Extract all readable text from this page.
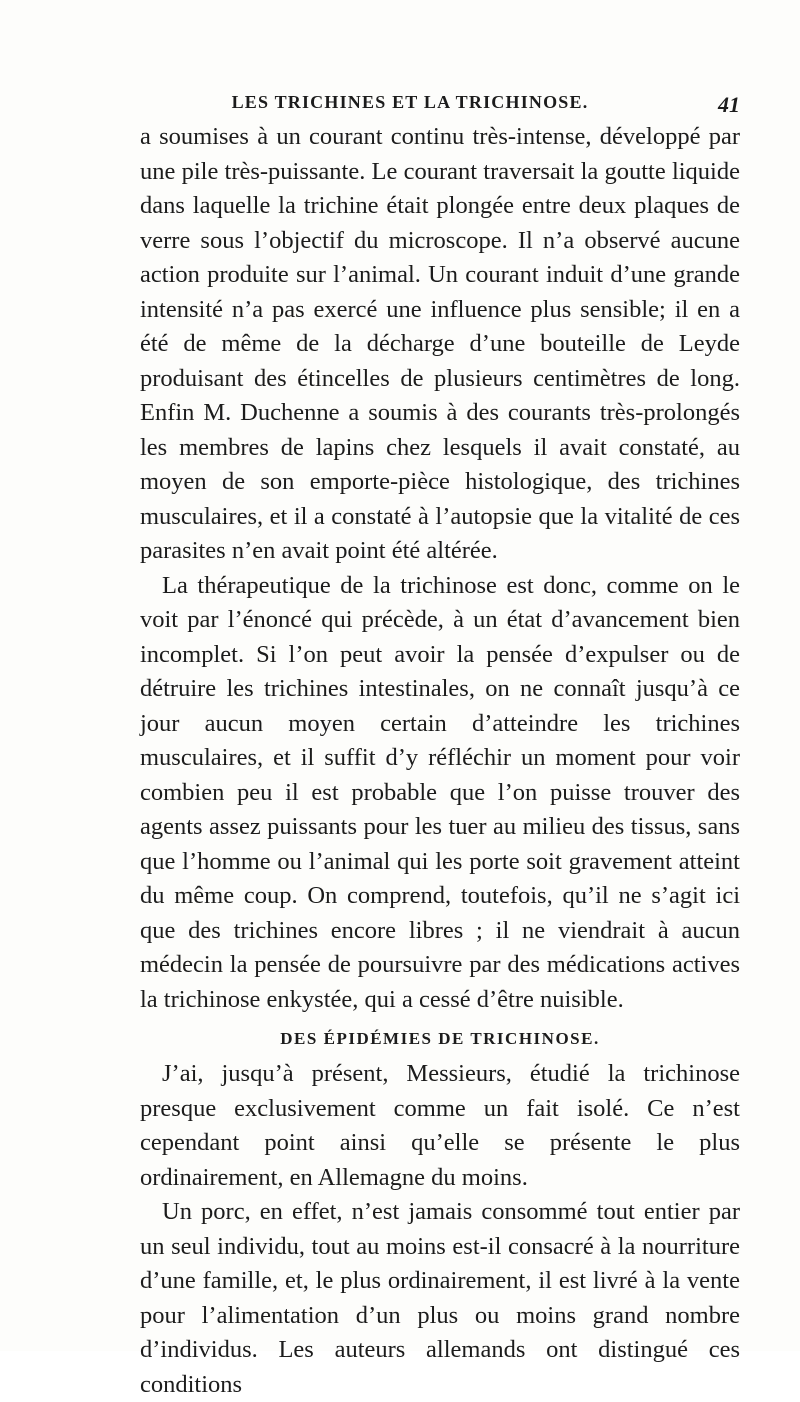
LES TRICHINES ET LA TRICHINOSE.	41

a soumises à un courant continu très-intense, développé par une pile très-puissante. Le courant traversait la goutte liquide dans laquelle la trichine était plongée entre deux plaques de verre sous l’objectif du microscope. Il n’a observé aucune action produite sur l’animal. Un courant induit d’une grande intensité n’a pas exercé une influence plus sensible; il en a été de même de la décharge d’une bouteille de Leyde produisant des étincelles de plusieurs centimètres de long. Enfin M. Duchenne a soumis à des courants très-prolongés les membres de lapins chez lesquels il avait constaté, au moyen de son emporte-pièce histologique, des trichines musculaires, et il a constaté à l’autopsie que la vitalité de ces parasites n’en avait point été altérée.

La thérapeutique de la trichinose est donc, comme on le voit par l’énoncé qui précède, à un état d’avancement bien incomplet. Si l’on peut avoir la pensée d’expulser ou de détruire les trichines intestinales, on ne connaît jusqu’à ce jour aucun moyen certain d’atteindre les trichines musculaires, et il suffit d’y réfléchir un moment pour voir combien peu il est probable que l’on puisse trouver des agents assez puissants pour les tuer au milieu des tissus, sans que l’homme ou l’animal qui les porte soit gravement atteint du même coup. On comprend, toutefois, qu’il ne s’agit ici que des trichines encore libres ; il ne viendrait à aucun médecin la pensée de poursuivre par des médications actives la trichinose enkystée, qui a cessé d’être nuisible.

DES ÉPIDÉMIES DE TRICHINOSE.

J’ai, jusqu’à présent, Messieurs, étudié la trichinose presque exclusivement comme un fait isolé. Ce n’est cependant point ainsi qu’elle se présente le plus ordinairement, en Allemagne du moins.

Un porc, en effet, n’est jamais consommé tout entier par un seul individu, tout au moins est-il consacré à la nourriture d’une famille, et, le plus ordinairement, il est livré à la vente pour l’alimentation d’un plus ou moins grand nombre d’individus. Les auteurs allemands ont distingué ces conditions
